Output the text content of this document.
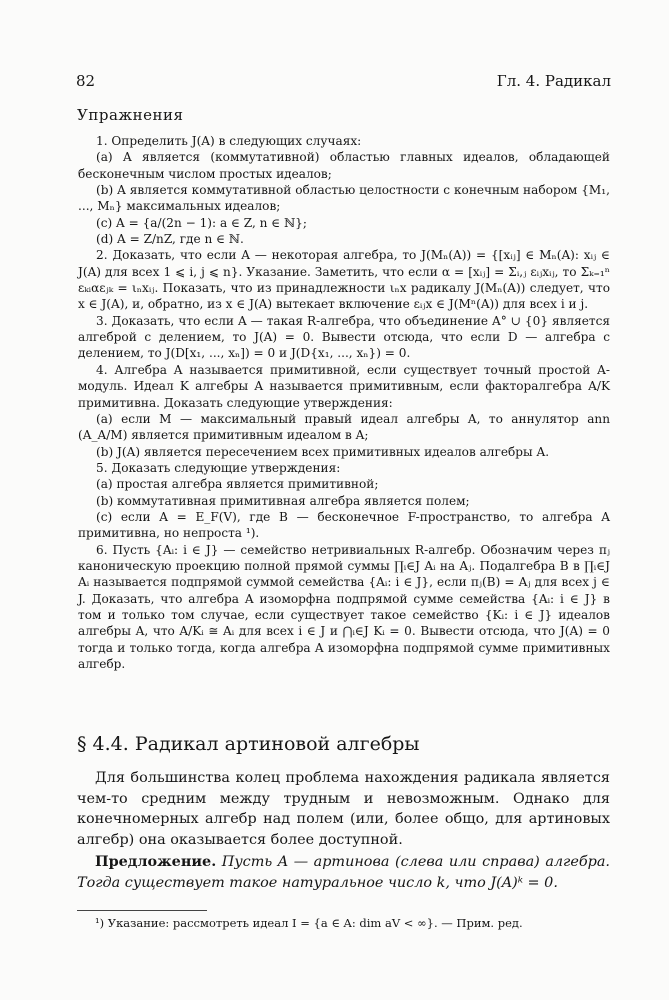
82	Гл. 4. Радикал
Упражнения

1. Определить J(A) в следующих случаях:

(a) A является (коммутативной) областью главных идеалов, обладающей бесконечным числом простых идеалов;

(b) A является коммутативной областью целостности с конечным набором {M₁, ..., Mₙ} максимальных идеалов;

(c) A = {a/(2n − 1): a ∈ Z, n ∈ ℕ};

(d) A = Z/nZ, где n ∈ ℕ.

2. Доказать, что если A — некоторая алгебра, то J(Mₙ(A)) = {[xᵢⱼ] ∈ Mₙ(A): xᵢⱼ ∈ J(A) для всех 1 ⩽ i, j ⩽ n}. Указание. Заметить, что если α = [xᵢⱼ] = Σᵢ,ⱼ εᵢⱼxᵢⱼ, то Σₖ₌₁ⁿ εₖᵢαεⱼₖ = ιₙxᵢⱼ. Показать, что из принадлежности ιₙx радикалу J(Mₙ(A)) следует, что x ∈ J(A), и, обратно, из x ∈ J(A) вытекает включение εᵢⱼx ∈ J(Mⁿ(A)) для всех i и j.

3. Доказать, что если A — такая R-алгебра, что объединение A° ∪ {0} является алгеброй с делением, то J(A) = 0. Вывести отсюда, что если D — алгебра с делением, то J(D[x₁, ..., xₙ]) = 0 и J(D{x₁, ..., xₙ}) = 0.

4. Алгебра A называется примитивной, если существует точный простой A-модуль. Идеал K алгебры A называется примитивным, если факторалгебра A/K примитивна. Доказать следующие утверждения:

(a) если M — максимальный правый идеал алгебры A, то аннулятор ann (A_A/M) является примитивным идеалом в A;

(b) J(A) является пересечением всех примитивных идеалов алгебры A.

5. Доказать следующие утверждения:

(a) простая алгебра является примитивной;

(b) коммутативная примитивная алгебра является полем;

(c) если A = E_F(V), где B — бесконечное F-пространство, то алгебра A примитивна, но непроста ¹).

6. Пусть {Aᵢ: i ∈ J} — семейство нетривиальных R-алгебр. Обозначим через πⱼ каноническую проекцию полной прямой суммы ∏ᵢ∈J Aᵢ на Aⱼ. Подалгебра B в ∏ᵢ∈J Aᵢ называется подпрямой суммой семейства {Aᵢ: i ∈ J}, если πⱼ(B) = Aⱼ для всех j ∈ J. Доказать, что алгебра A изоморфна подпрямой сумме семейства {Aᵢ: i ∈ J} в том и только том случае, если существует такое семейство {Kᵢ: i ∈ J} идеалов алгебры A, что A/Kᵢ ≅ Aᵢ для всех i ∈ J и ⋂ᵢ∈J Kᵢ = 0. Вывести отсюда, что J(A) = 0 тогда и только тогда, когда алгебра A изоморфна подпрямой сумме примитивных алгебр.

§ 4.4. Радикал артиновой алгебры

Для большинства колец проблема нахождения радикала является чем-то средним между трудным и невозможным. Однако для конечномерных алгебр над полем (или, более общо, для артиновых алгебр) она оказывается более доступной.

Предложение. Пусть A — артинова (слева или справа) алгебра. Тогда существует такое натуральное число k, что J(A)ᵏ = 0.

¹) Указание: рассмотреть идеал I = {a ∈ A: dim aV < ∞}. — Прим. ред.
